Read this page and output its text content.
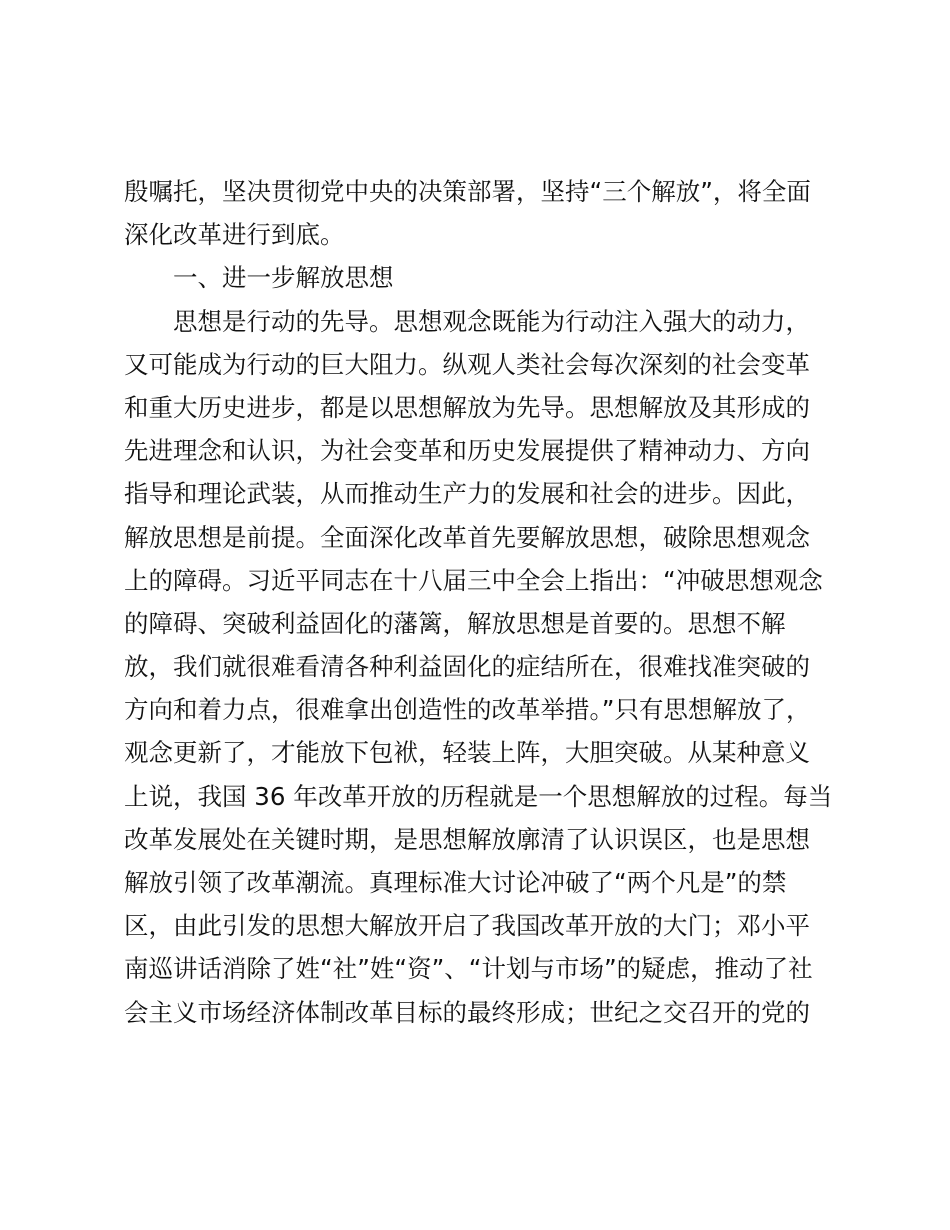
殷嘱托，坚决贯彻党中央的决策部署，坚持“三个解放”，将全面
深化改革进行到底。
一、进一步解放思想
思想是行动的先导。思想观念既能为行动注入强大的动力，
又可能成为行动的巨大阻力。纵观人类社会每次深刻的社会变革
和重大历史进步，都是以思想解放为先导。思想解放及其形成的
先进理念和认识，为社会变革和历史发展提供了精神动力、方向
指导和理论武装，从而推动生产力的发展和社会的进步。因此，
解放思想是前提。全面深化改革首先要解放思想，破除思想观念
上的障碍。习近平同志在十八届三中全会上指出：“冲破思想观念
的障碍、突破利益固化的藩篱，解放思想是首要的。思想不解
放，我们就很难看清各种利益固化的症结所在，很难找准突破的
方向和着力点，很难拿出创造性的改革举措。”只有思想解放了，
观念更新了，才能放下包袱，轻装上阵，大胆突破。从某种意义
上说，我国 36 年改革开放的历程就是一个思想解放的过程。每当
改革发展处在关键时期，是思想解放廓清了认识误区，也是思想
解放引领了改革潮流。真理标准大讨论冲破了“两个凡是”的禁
区，由此引发的思想大解放开启了我国改革开放的大门；邓小平
南巡讲话消除了姓“社”姓“资”、“计划与市场”的疑虑，推动了社
会主义市场经济体制改革目标的最终形成；世纪之交召开的党的
